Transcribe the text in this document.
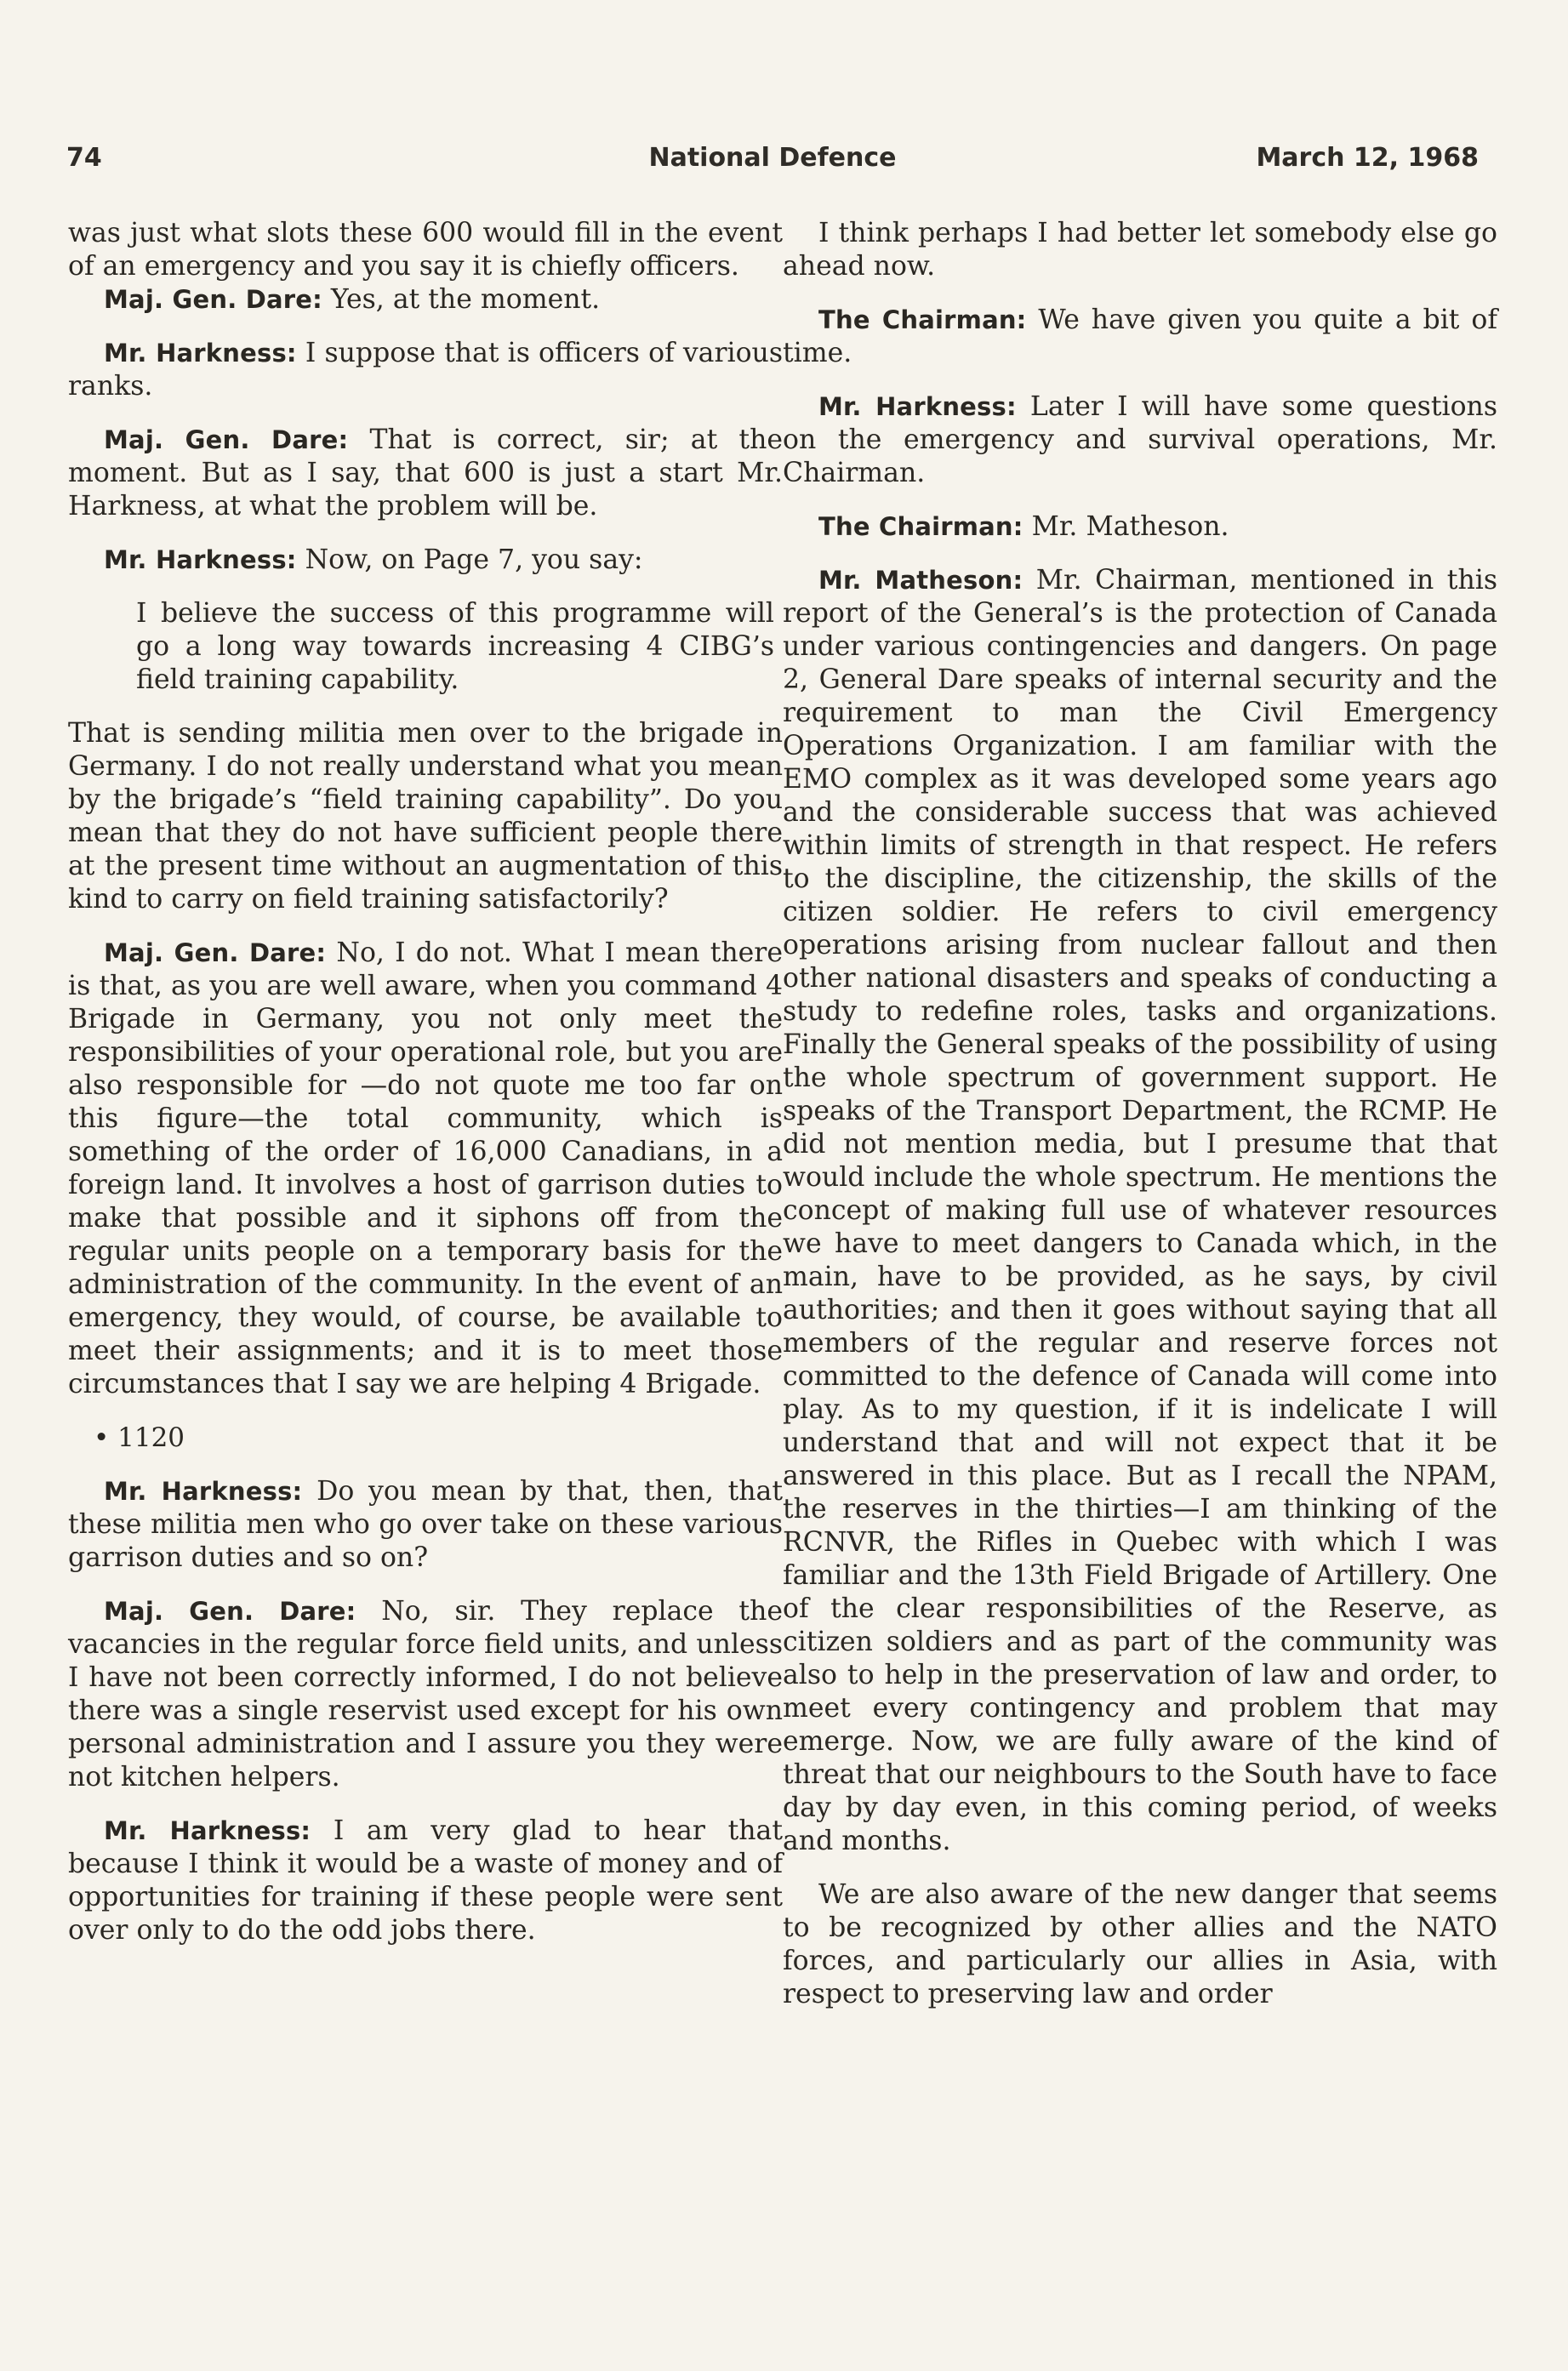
74	National Defence	March 12, 1968

was just what slots these 600 would fill in the event of an emergency and you say it is chiefly officers.

Maj. Gen. Dare: Yes, at the moment.

Mr. Harkness: I suppose that is officers of various ranks.

Maj. Gen. Dare: That is correct, sir; at the moment. But as I say, that 600 is just a start Mr. Harkness, at what the problem will be.

Mr. Harkness: Now, on Page 7, you say:

I believe the success of this programme will go a long way towards increasing 4 CIBG’s field training capability.

That is sending militia men over to the brigade in Germany. I do not really understand what you mean by the brigade’s “field training capability”. Do you mean that they do not have sufficient people there at the present time without an augmentation of this kind to carry on field training satisfactorily?

Maj. Gen. Dare: No, I do not. What I mean there is that, as you are well aware, when you command 4 Brigade in Germany, you not only meet the responsibilities of your operational role, but you are also responsible for —do not quote me too far on this figure—the total community, which is something of the order of 16,000 Canadians, in a foreign land. It involves a host of garrison duties to make that possible and it siphons off from the regular units people on a temporary basis for the administration of the community. In the event of an emergency, they would, of course, be available to meet their assignments; and it is to meet those circumstances that I say we are helping 4 Brigade.

• 1120

Mr. Harkness: Do you mean by that, then, that these militia men who go over take on these various garrison duties and so on?

Maj. Gen. Dare: No, sir. They replace the vacancies in the regular force field units, and unless I have not been correctly informed, I do not believe there was a single reservist used except for his own personal administration and I assure you they were not kitchen helpers.

Mr. Harkness: I am very glad to hear that because I think it would be a waste of money and of opportunities for training if these people were sent over only to do the odd jobs there.

I think perhaps I had better let somebody else go ahead now.

The Chairman: We have given you quite a bit of time.

Mr. Harkness: Later I will have some questions on the emergency and survival operations, Mr. Chairman.

The Chairman: Mr. Matheson.

Mr. Matheson: Mr. Chairman, mentioned in this report of the General’s is the protection of Canada under various contingencies and dangers. On page 2, General Dare speaks of internal security and the requirement to man the Civil Emergency Operations Organization. I am familiar with the EMO complex as it was developed some years ago and the considerable success that was achieved within limits of strength in that respect. He refers to the discipline, the citizenship, the skills of the citizen soldier. He refers to civil emergency operations arising from nuclear fallout and then other national disasters and speaks of conducting a study to redefine roles, tasks and organizations. Finally the General speaks of the possibility of using the whole spectrum of government support. He speaks of the Transport Department, the RCMP. He did not mention media, but I presume that that would include the whole spectrum. He mentions the concept of making full use of whatever resources we have to meet dangers to Canada which, in the main, have to be provided, as he says, by civil authorities; and then it goes without saying that all members of the regular and reserve forces not committed to the defence of Canada will come into play. As to my question, if it is indelicate I will understand that and will not expect that it be answered in this place. But as I recall the NPAM, the reserves in the thirties—I am thinking of the RCNVR, the Rifles in Quebec with which I was familiar and the 13th Field Brigade of Artillery. One of the clear responsibilities of the Reserve, as citizen soldiers and as part of the community was also to help in the preservation of law and order, to meet every contingency and problem that may emerge. Now, we are fully aware of the kind of threat that our neighbours to the South have to face day by day even, in this coming period, of weeks and months.

We are also aware of the new danger that seems to be recognized by other allies and the NATO forces, and particularly our allies in Asia, with respect to preserving law and order
